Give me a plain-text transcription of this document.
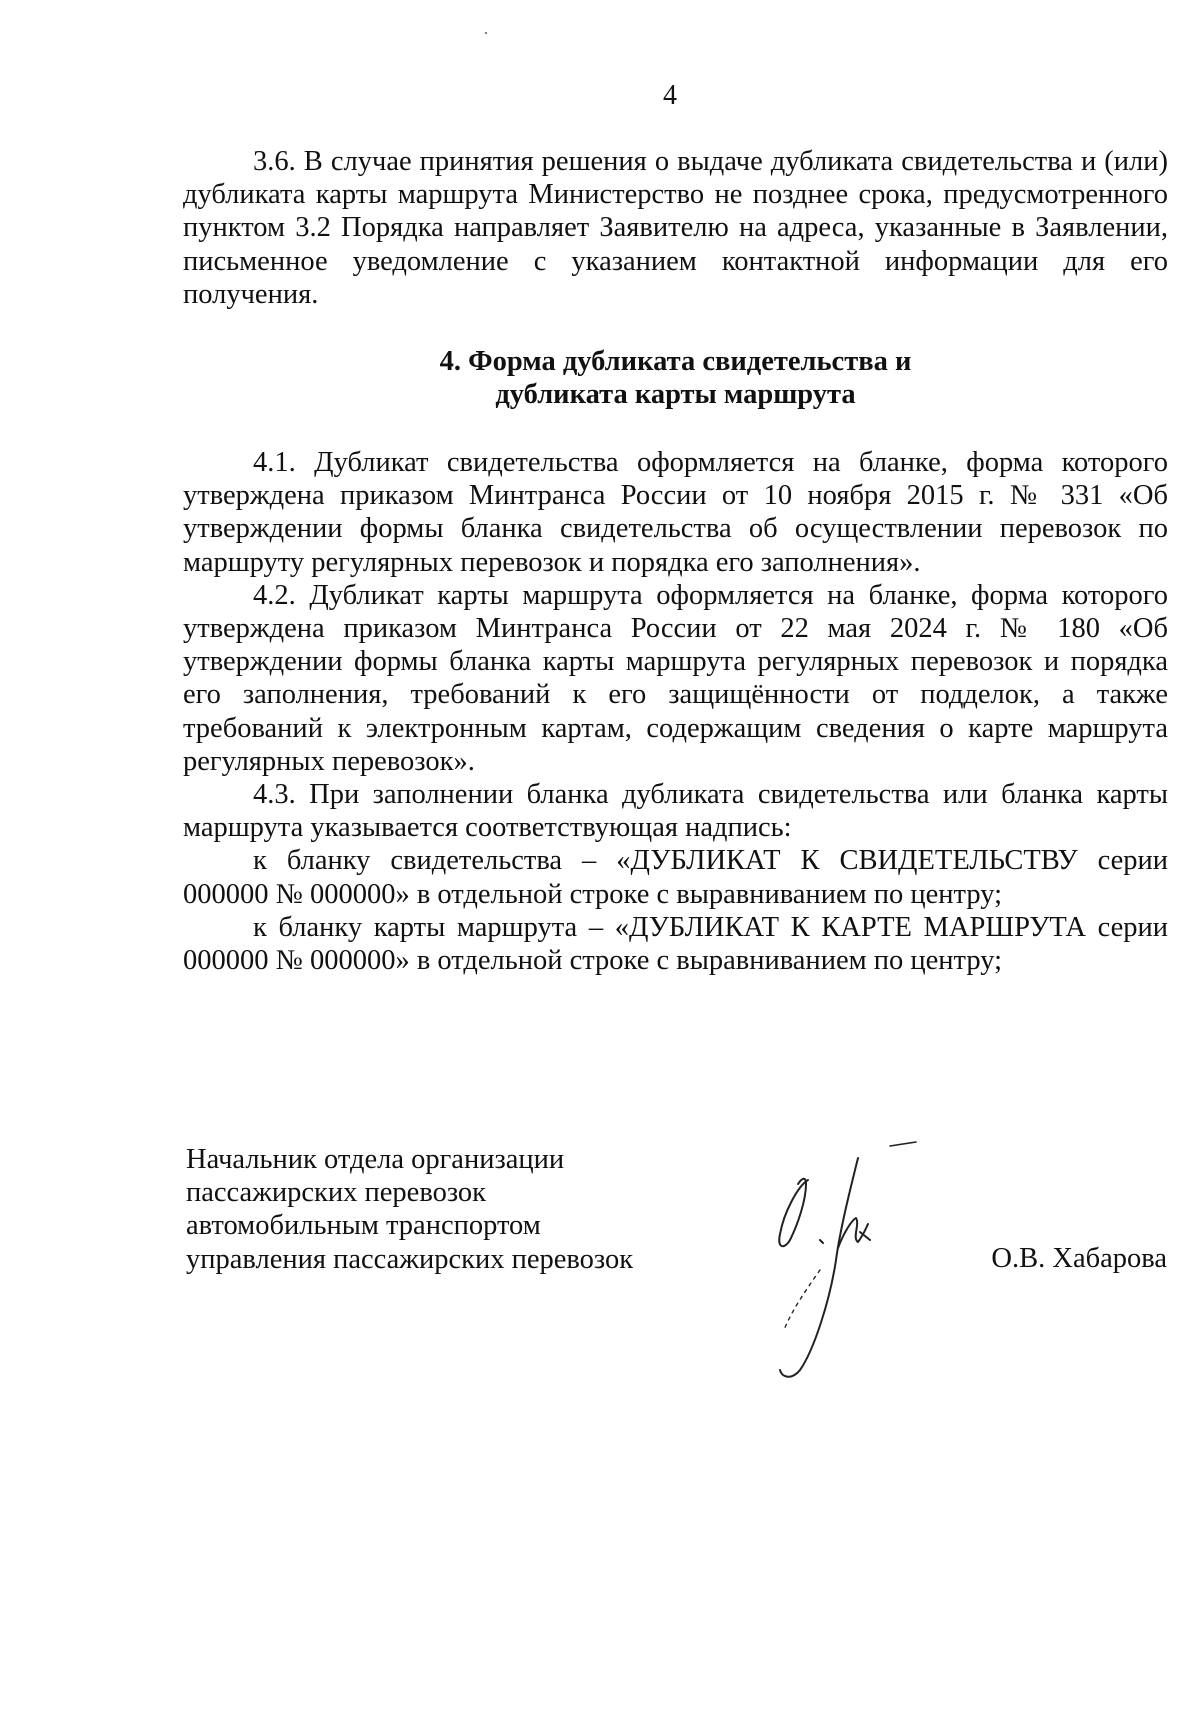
4

3.6. В случае принятия решения о выдаче дубликата свидетельства и (или) дубликата карты маршрута Министерство не позднее срока, предусмотренного пунктом 3.2 Порядка направляет Заявителю на адреса, указанные в Заявлении, письменное уведомление с указанием контактной информации для его получения.

4. Форма дубликата свидетельства и
дубликата карты маршрута

4.1. Дубликат свидетельства оформляется на бланке, форма которого утверждена приказом Минтранса России от 10 ноября 2015 г. № 331 «Об утверждении формы бланка свидетельства об осуществлении перевозок по маршруту регулярных перевозок и порядка его заполнения».

4.2. Дубликат карты маршрута оформляется на бланке, форма которого утверждена приказом Минтранса России от 22 мая 2024 г. № 180 «Об утверждении формы бланка карты маршрута регулярных перевозок и порядка его заполнения, требований к его защищённости от подделок, а также требований к электронным картам, содержащим сведения о карте маршрута регулярных перевозок».

4.3. При заполнении бланка дубликата свидетельства или бланка карты маршрута указывается соответствующая надпись:

к бланку свидетельства – «ДУБЛИКАТ К СВИДЕТЕЛЬСТВУ серии 000000 № 000000» в отдельной строке с выравниванием по центру;

к бланку карты маршрута – «ДУБЛИКАТ К КАРТЕ МАРШРУТА серии 000000 № 000000» в отдельной строке с выравниванием по центру;

Начальник отдела организации
пассажирских перевозок
автомобильным транспортом
управления пассажирских перевозок	О.В. Хабарова
